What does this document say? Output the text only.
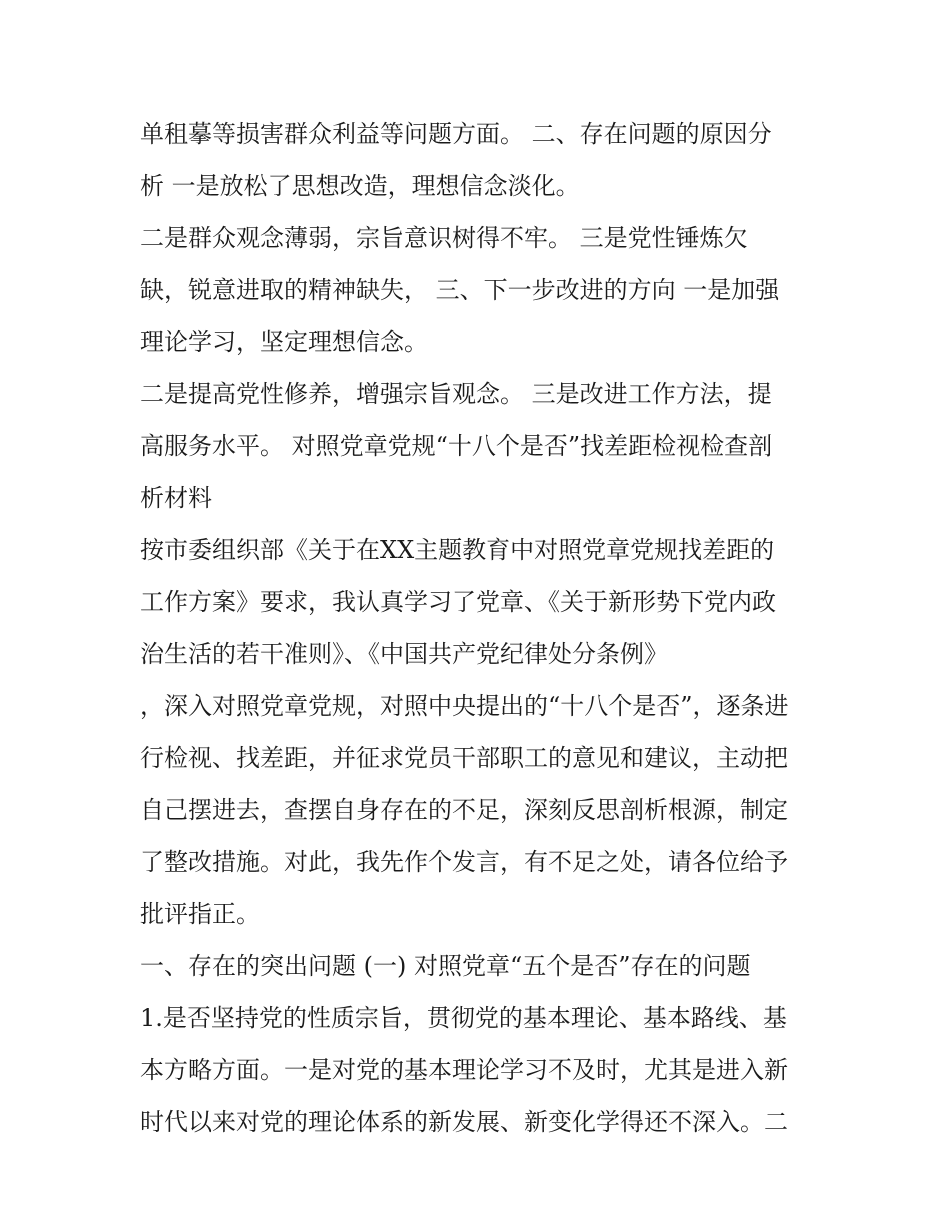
单租摹等损害群众利益等问题方面。 二、存在问题的原因分
析 一是放松了思想改造，理想信念淡化。
二是群众观念薄弱，宗旨意识树得不牢。 三是党性锤炼欠
缺，锐意进取的精神缺失， 三、下一步改进的方向 一是加强
理论学习，坚定理想信念。
二是提高党性修养，增强宗旨观念。 三是改进工作方法，提
高服务水平。 对照党章党规“十八个是否”找差距检视检查剖
析材料
按市委组织部《关于在XX主题教育中对照党章党规找差距的
工作方案》要求，我认真学习了党章、《关于新形势下党内政
治生活的若干准则》、《中国共产党纪律处分条例》
，深入对照党章党规，对照中央提出的“十八个是否”，逐条进
行检视、找差距，并征求党员干部职工的意见和建议，主动把
自己摆进去，查摆自身存在的不足，深刻反思剖析根源，制定
了整改措施。对此，我先作个发言，有不足之处，请各位给予
批评指正。
一、存在的突出问题 (一) 对照党章“五个是否”存在的问题
1.是否坚持党的性质宗旨，贯彻党的基本理论、基本路线、基
本方略方面。一是对党的基本理论学习不及时，尤其是进入新
时代以来对党的理论体系的新发展、新变化学得还不深入。二
